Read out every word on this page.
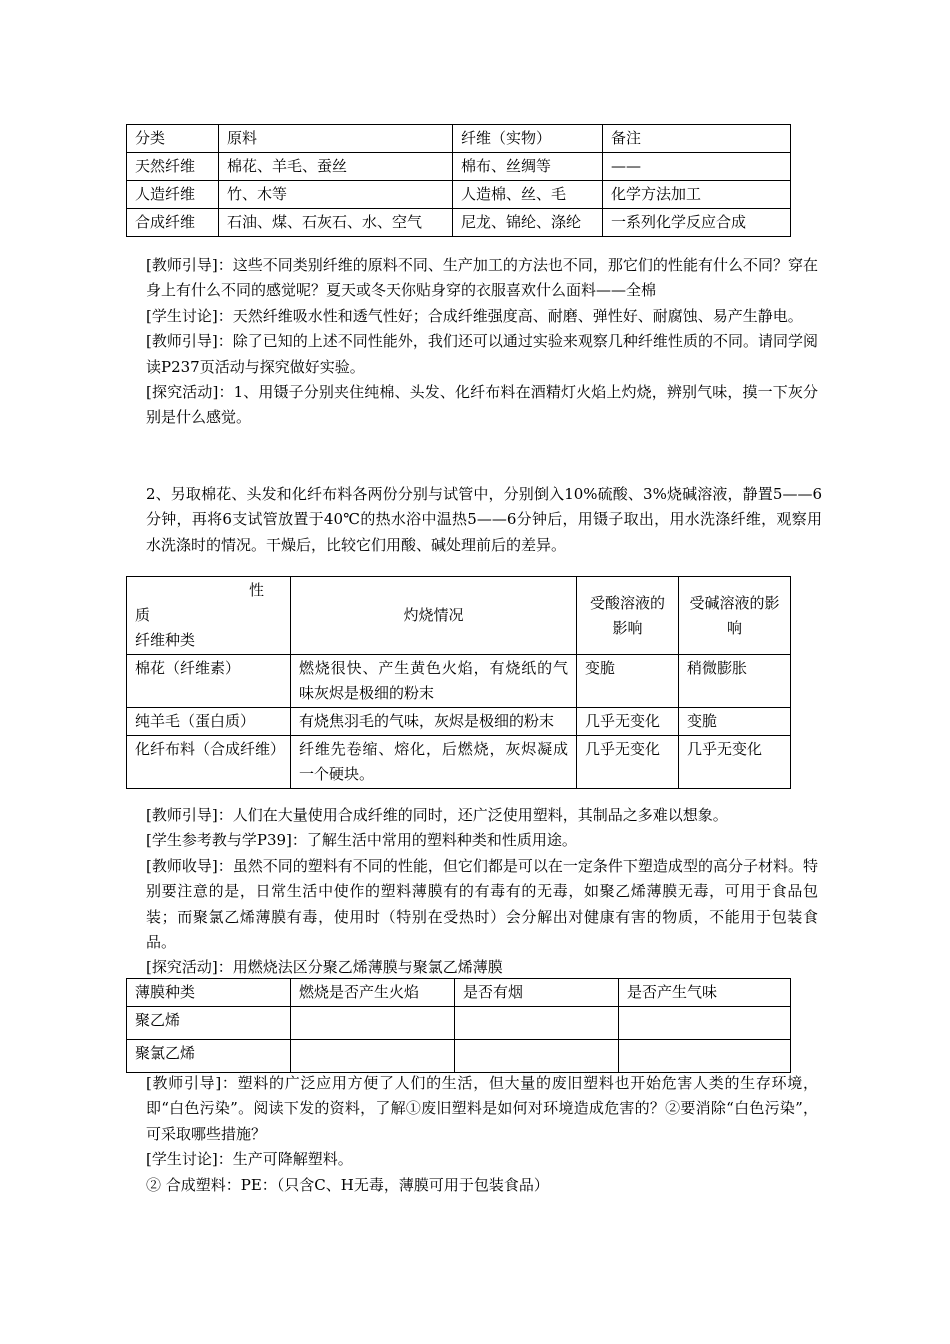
分类	原料	纤维（实物）	备注
天然纤维	棉花、羊毛、蚕丝	棉布、丝绸等	——
人造纤维	竹、木等	人造棉、丝、毛	化学方法加工
合成纤维	石油、煤、石灰石、水、空气	尼龙、锦纶、涤纶	一系列化学反应合成
[教师引导]：这些不同类别纤维的原料不同、生产加工的方法也不同，那它们的性能有什么不同？穿在身上有什么不同的感觉呢？夏天或冬天你贴身穿的衣服喜欢什么面料——全棉
[学生讨论]：天然纤维吸水性和透气性好；合成纤维强度高、耐磨、弹性好、耐腐蚀、易产生静电。
[教师引导]：除了已知的上述不同性能外，我们还可以通过实验来观察几种纤维性质的不同。请同学阅读P237页活动与探究做好实验。
[探究活动]：1、用镊子分别夹住纯棉、头发、化纤布料在酒精灯火焰上灼烧，辨别气味，摸一下灰分别是什么感觉。
2、另取棉花、头发和化纤布料各两份分别与试管中，分别倒入10%硫酸、3%烧碱溶液，静置5——6分钟，再将6支试管放置于40℃的热水浴中温热5——6分钟后，用镊子取出，用水洗涤纤维，观察用水洗涤时的情况。干燥后，比较它们用酸、碱处理前后的差异。
性
质
纤维种类	灼烧情况	受酸溶液的影响	受碱溶液的影响
棉花（纤维素）	燃烧很快、产生黄色火焰，有烧纸的气味灰烬是极细的粉末	变脆	稍微膨胀
纯羊毛（蛋白质）	有烧焦羽毛的气味，灰烬是极细的粉末	几乎无变化	变脆
化纤布料（合成纤维）	纤维先卷缩、熔化，后燃烧，灰烬凝成一个硬块。	几乎无变化	几乎无变化
[教师引导]：人们在大量使用合成纤维的同时，还广泛使用塑料，其制品之多难以想象。
[学生参考教与学P39]：了解生活中常用的塑料种类和性质用途。
[教师收导]：虽然不同的塑料有不同的性能，但它们都是可以在一定条件下塑造成型的高分子材料。特别要注意的是，日常生活中使作的塑料薄膜有的有毒有的无毒，如聚乙烯薄膜无毒，可用于食品包装；而聚氯乙烯薄膜有毒，使用时（特别在受热时）会分解出对健康有害的物质，不能用于包装食品。
[探究活动]：用燃烧法区分聚乙烯薄膜与聚氯乙烯薄膜
薄膜种类	燃烧是否产生火焰	是否有烟	是否产生气味
聚乙烯			
聚氯乙烯			
[教师引导]：塑料的广泛应用方便了人们的生活，但大量的废旧塑料也开始危害人类的生存环境，即“白色污染”。阅读下发的资料，了解①废旧塑料是如何对环境造成危害的？②要消除“白色污染”，可采取哪些措施？
[学生讨论]：生产可降解塑料。
② 合成塑料：PE：（只含C、H无毒，薄膜可用于包装食品）
